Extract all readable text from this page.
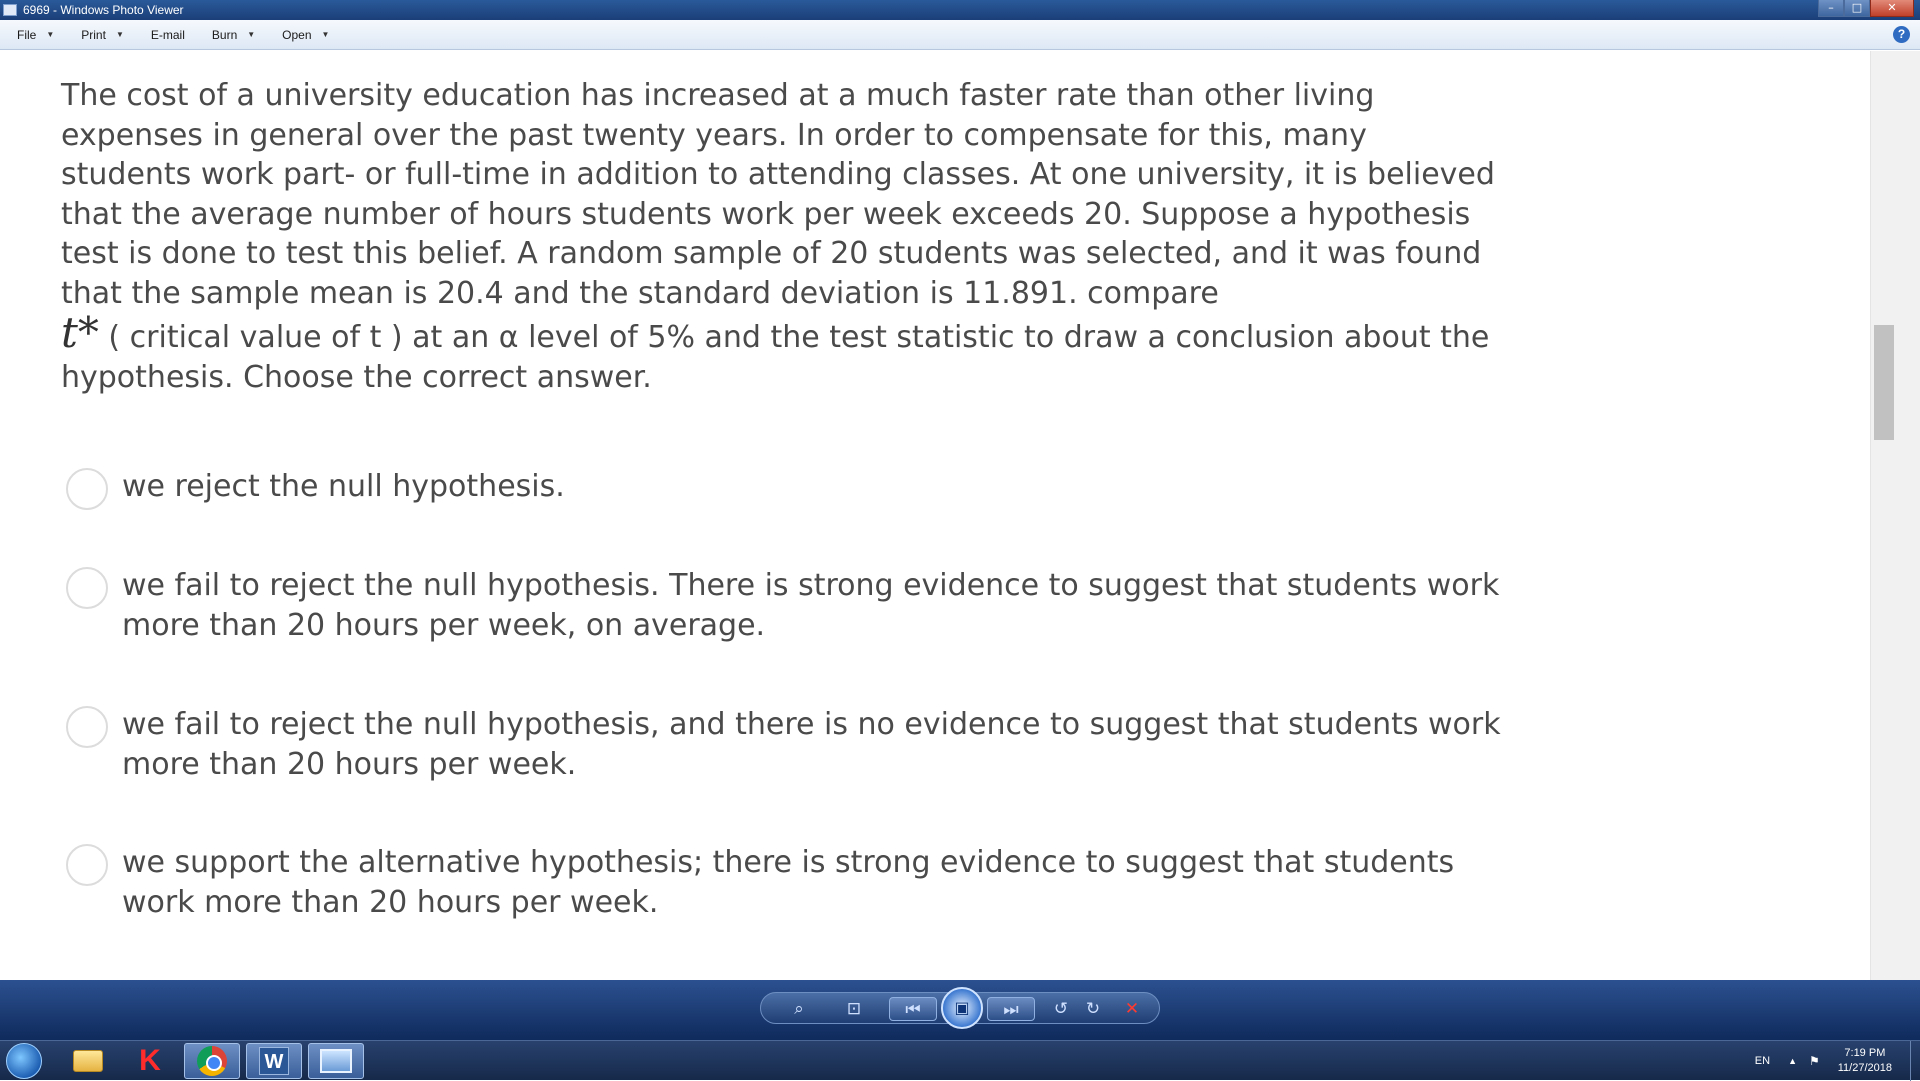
6969 - Windows Photo Viewer	–	□	✕
File ▼ Print ▼ E-mail Burn ▼ Open ▼	?
The cost of a university education has increased at a much faster rate than other living expenses in general over the past twenty years. In order to compensate for this, many students work part- or full-time in addition to attending classes. At one university, it is believed that the average number of hours students work per week exceeds 20. Suppose a hypothesis test is done to test this belief. A random sample of 20 students was selected, and it was found that the sample mean is 20.4 and the standard deviation is 11.891. compare
t* ( critical value of t ) at an α level of 5% and the test statistic to draw a conclusion about the hypothesis. Choose the correct answer.
we reject the null hypothesis.
we fail to reject the null hypothesis. There is strong evidence to suggest that students work more than 20 hours per week, on average.
we fail to reject the null hypothesis, and there is no evidence to suggest that students work more than 20 hours per week.
we support the alternative hypothesis; there is strong evidence to suggest that students work more than 20 hours per week.
⌕	⊡	⏮	▣	⏭	↺	↻	✕
K	W	EN ▲ ⚑
7:19 PM
11/27/2018
